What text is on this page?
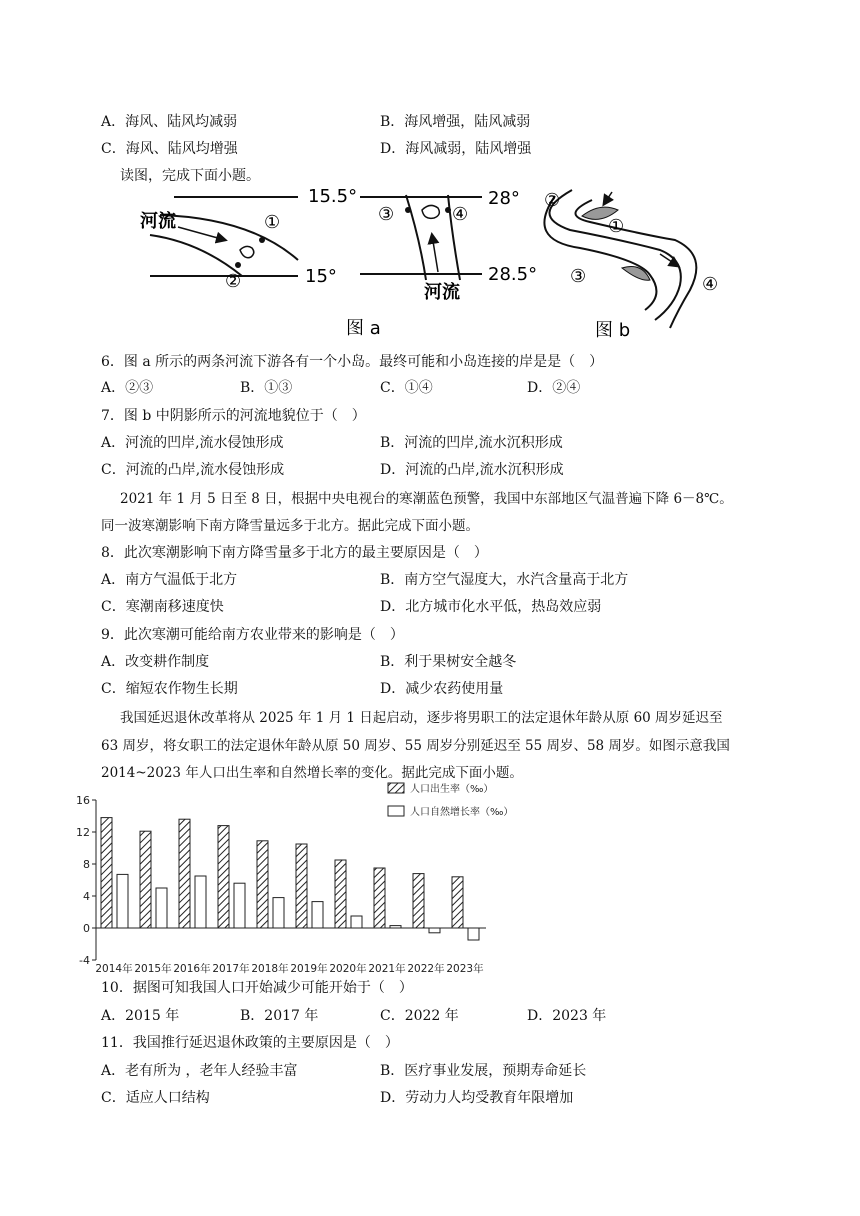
A．海风、陆风均减弱	B．海风增强，陆风减弱
C．海风、陆风均增强	D．海风减弱，陆风增强
读图，完成下面小题。
15.5°
15°
河流	①
②
28°
28.5°
③	④
河流
图 a
②
①
③	④
图 b
6．图 a 所示的两条河流下游各有一个小岛。最终可能和小岛连接的岸是是（　）
A．②③	B．①③	C．①④	D．②④
7．图 b 中阴影所示的河流地貌位于（　）
A．河流的凹岸,流水侵蚀形成	B．河流的凹岸,流水沉积形成
C．河流的凸岸,流水侵蚀形成	D．河流的凸岸,流水沉积形成
2021 年 1 月 5 日至 8 日，根据中央电视台的寒潮蓝色预警，我国中东部地区气温普遍下降 6－8℃。
同一波寒潮影响下南方降雪量远多于北方。据此完成下面小题。
8．此次寒潮影响下南方降雪量多于北方的最主要原因是（　）
A．南方气温低于北方	B．南方空气湿度大，水汽含量高于北方
C．寒潮南移速度快	D．北方城市化水平低，热岛效应弱
9．此次寒潮可能给南方农业带来的影响是（　）
A．改变耕作制度	B．利于果树安全越冬
C．缩短农作物生长期	D．减少农药使用量
我国延迟退休改革将从 2025 年 1 月 1 日起启动，逐步将男职工的法定退休年龄从原 60 周岁延迟至
63 周岁，将女职工的法定退休年龄从原 50 周岁、55 周岁分别延迟至 55 周岁、58 周岁。如图示意我国
2014~2023 年人口出生率和自然增长率的变化。据此完成下面小题。
16
12
8
4
0
-4
2014年 2015年 2016年 2017年 2018年 2019年 2020年 2021年 2022年 2023年
人口出生率（‰）
人口自然增长率（‰）
10．据图可知我国人口开始减少可能开始于（　）
A．2015 年	B．2017 年	C．2022 年	D．2023 年
11．我国推行延迟退休政策的主要原因是（　）
A．老有所为 ，老年人经验丰富	B．医疗事业发展，预期寿命延长
C．适应人口结构	D．劳动力人均受教育年限增加
